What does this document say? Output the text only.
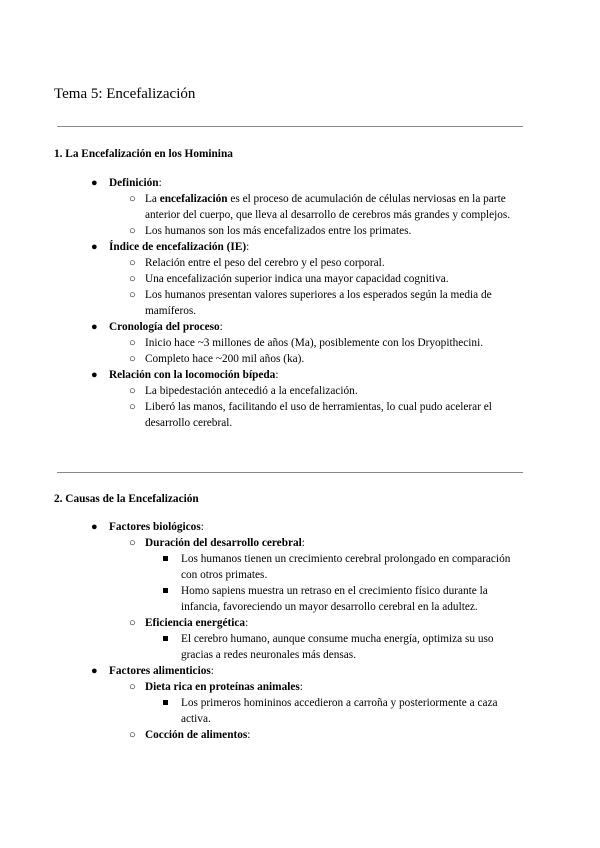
Tema 5: Encefalización
1. La Encefalización en los Hominina
● Definición:
○ La encefalización es el proceso de acumulación de células nerviosas en la parte anterior del cuerpo, que lleva al desarrollo de cerebros más grandes y complejos.
○ Los humanos son los más encefalizados entre los primates.
● Índice de encefalización (IE):
○ Relación entre el peso del cerebro y el peso corporal.
○ Una encefalización superior indica una mayor capacidad cognitiva.
○ Los humanos presentan valores superiores a los esperados según la media de mamíferos.
● Cronología del proceso:
○ Inicio hace ~3 millones de años (Ma), posiblemente con los Dryopithecini.
○ Completo hace ~200 mil años (ka).
● Relación con la locomoción bípeda:
○ La bipedestación antecedió a la encefalización.
○ Liberó las manos, facilitando el uso de herramientas, lo cual pudo acelerar el desarrollo cerebral.
2. Causas de la Encefalización
● Factores biológicos:
○ Duración del desarrollo cerebral:
Los humanos tienen un crecimiento cerebral prolongado en comparación con otros primates.
Homo sapiens muestra un retraso en el crecimiento físico durante la infancia, favoreciendo un mayor desarrollo cerebral en la adultez.
○ Eficiencia energética:
El cerebro humano, aunque consume mucha energía, optimiza su uso gracias a redes neuronales más densas.
● Factores alimenticios:
○ Dieta rica en proteínas animales:
Los primeros homininos accedieron a carroña y posteriormente a caza activa.
○ Cocción de alimentos:
